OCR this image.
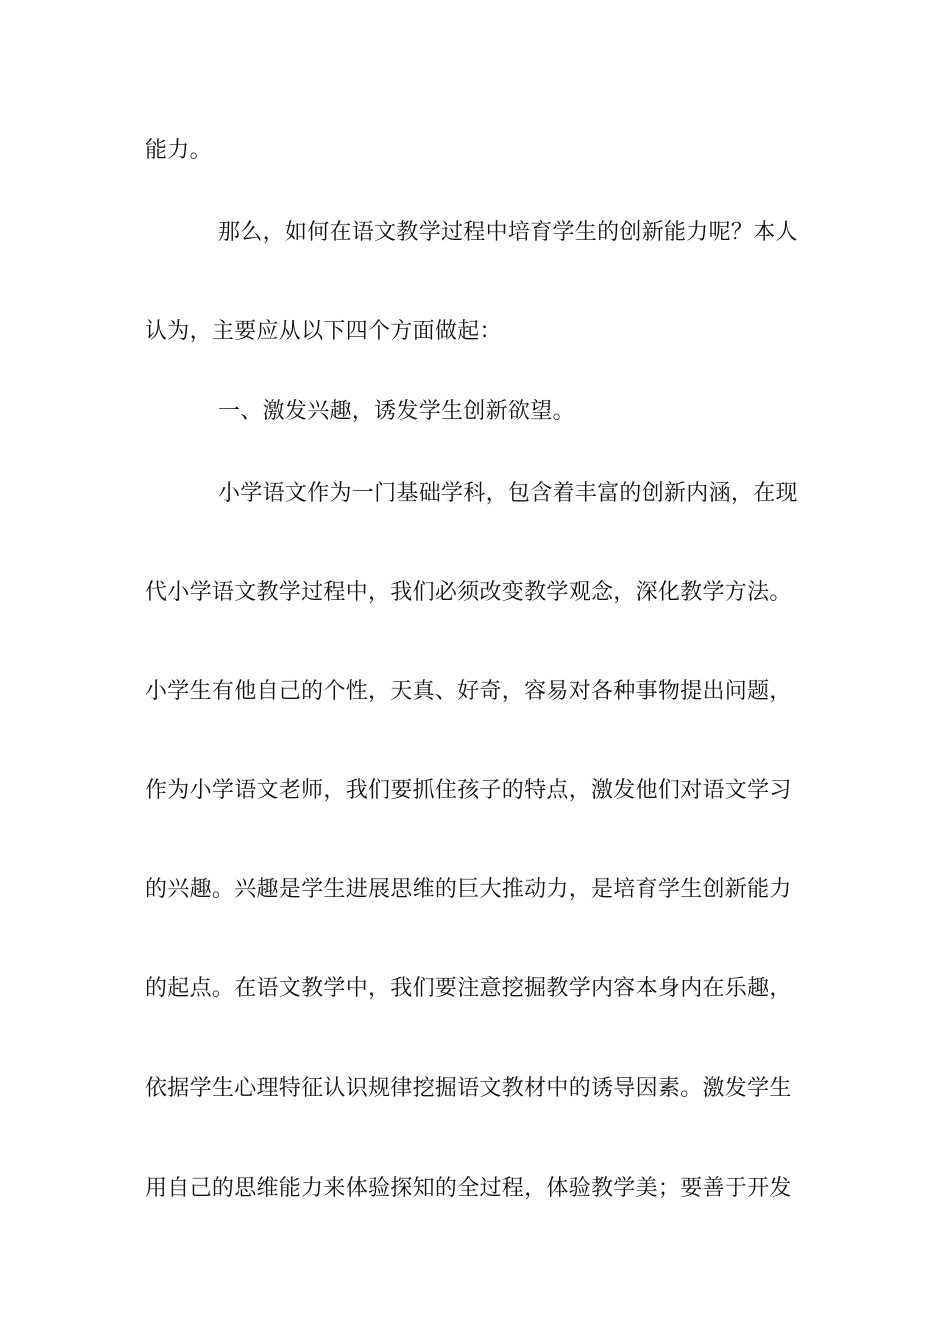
能力。
那么，如何在语文教学过程中培育学生的创新能力呢？本人
认为，主要应从以下四个方面做起：
一、激发兴趣，诱发学生创新欲望。
小学语文作为一门基础学科，包含着丰富的创新内涵，在现
代小学语文教学过程中，我们必须改变教学观念，深化教学方法。
小学生有他自己的个性，天真、好奇，容易对各种事物提出问题，
作为小学语文老师，我们要抓住孩子的特点，激发他们对语文学习
的兴趣。兴趣是学生进展思维的巨大推动力，是培育学生创新能力
的起点。在语文教学中，我们要注意挖掘教学内容本身内在乐趣，
依据学生心理特征认识规律挖掘语文教材中的诱导因素。激发学生
用自己的思维能力来体验探知的全过程，体验教学美；要善于开发
